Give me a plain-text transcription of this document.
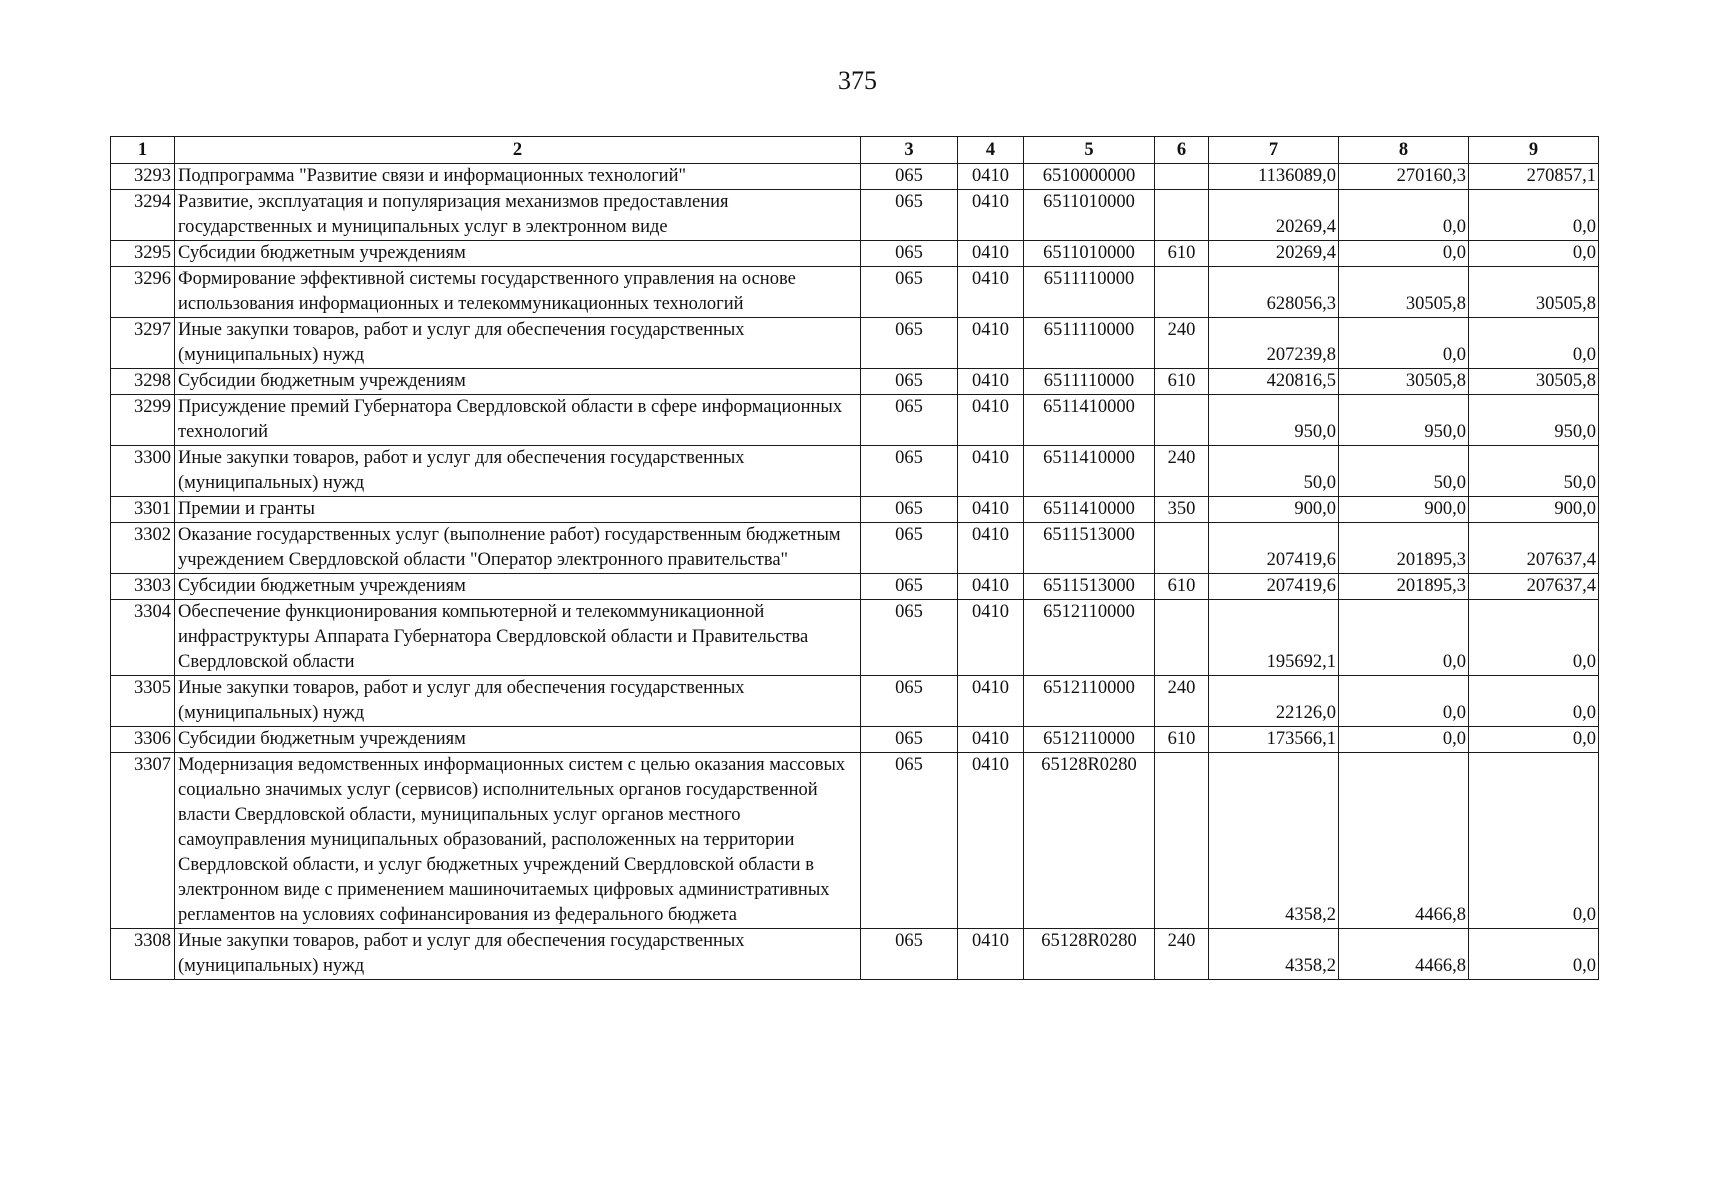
375
1	2	3	4	5	6	7	8	9
3293	Подпрограмма "Развитие связи и информационных технологий"	065	0410	6510000000		1136089,0	270160,3	270857,1
3294	Развитие, эксплуатация и популяризация механизмов предоставления государственных и муниципальных услуг в электронном виде	065	0410	6511010000		20269,4	0,0	0,0
3295	Субсидии бюджетным учреждениям	065	0410	6511010000	610	20269,4	0,0	0,0
3296	Формирование эффективной системы государственного управления на основе использования информационных и телекоммуникационных технологий	065	0410	6511110000		628056,3	30505,8	30505,8
3297	Иные закупки товаров, работ и услуг для обеспечения государственных (муниципальных) нужд	065	0410	6511110000	240	207239,8	0,0	0,0
3298	Субсидии бюджетным учреждениям	065	0410	6511110000	610	420816,5	30505,8	30505,8
3299	Присуждение премий Губернатора Свердловской области в сфере информационных технологий	065	0410	6511410000		950,0	950,0	950,0
3300	Иные закупки товаров, работ и услуг для обеспечения государственных (муниципальных) нужд	065	0410	6511410000	240	50,0	50,0	50,0
3301	Премии и гранты	065	0410	6511410000	350	900,0	900,0	900,0
3302	Оказание государственных услуг (выполнение работ) государственным бюджетным учреждением Свердловской области "Оператор электронного правительства"	065	0410	6511513000		207419,6	201895,3	207637,4
3303	Субсидии бюджетным учреждениям	065	0410	6511513000	610	207419,6	201895,3	207637,4
3304	Обеспечение функционирования компьютерной и телекоммуникационной инфраструктуры Аппарата Губернатора Свердловской области и Правительства Свердловской области	065	0410	6512110000		195692,1	0,0	0,0
3305	Иные закупки товаров, работ и услуг для обеспечения государственных (муниципальных) нужд	065	0410	6512110000	240	22126,0	0,0	0,0
3306	Субсидии бюджетным учреждениям	065	0410	6512110000	610	173566,1	0,0	0,0
3307	Модернизация ведомственных информационных систем с целью оказания массовых социально значимых услуг (сервисов) исполнительных органов государственной власти Свердловской области, муниципальных услуг органов местного самоуправления муниципальных образований, расположенных на территории Свердловской области, и услуг бюджетных учреждений Свердловской области в электронном виде с применением машиночитаемых цифровых административных регламентов на условиях софинансирования из федерального бюджета	065	0410	65128R0280		4358,2	4466,8	0,0
3308	Иные закупки товаров, работ и услуг для обеспечения государственных (муниципальных) нужд	065	0410	65128R0280	240	4358,2	4466,8	0,0
